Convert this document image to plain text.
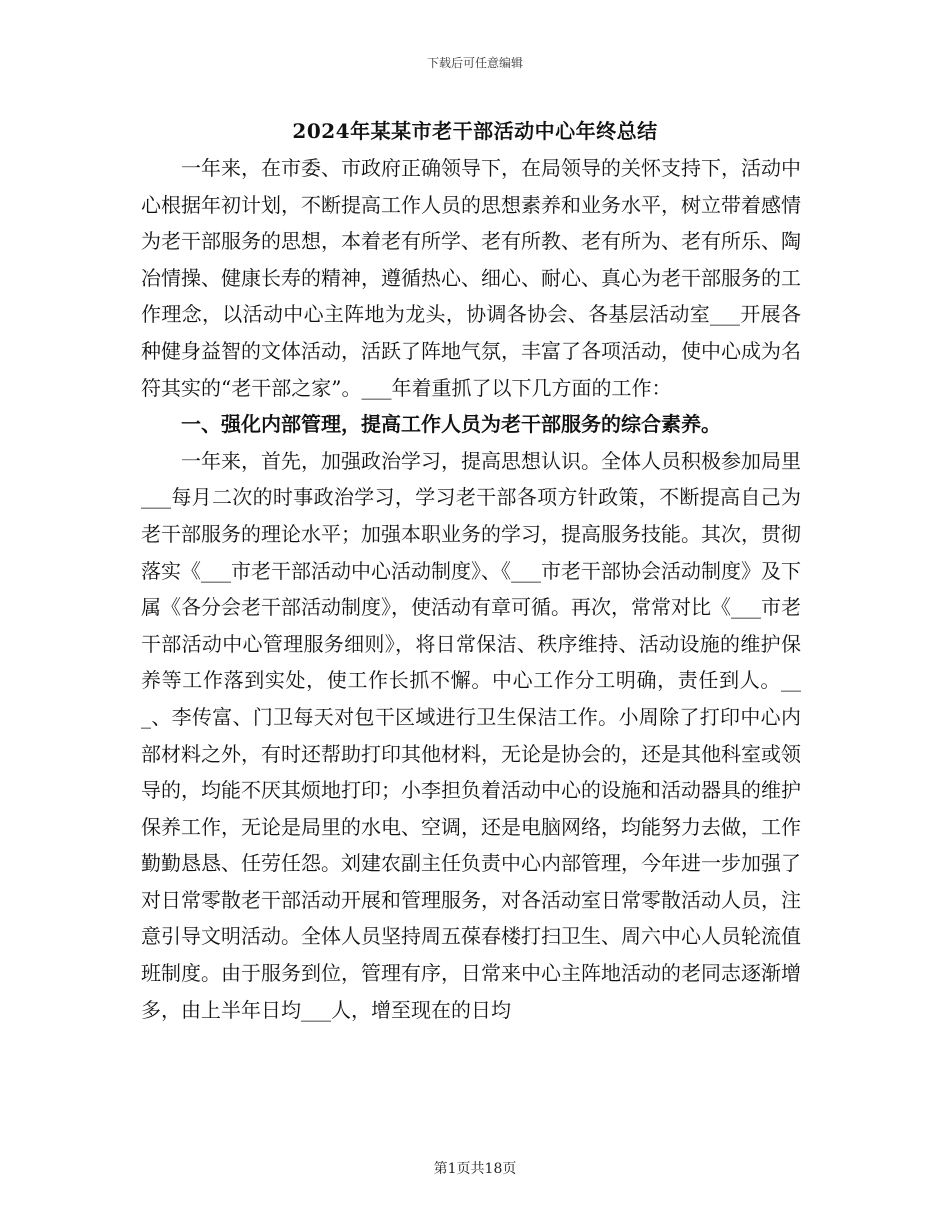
下载后可任意编辑
2024年某某市老干部活动中心年终总结

一年来，在市委、市政府正确领导下，在局领导的关怀支持下，活动中心根据年初计划，不断提高工作人员的思想素养和业务水平，树立带着感情为老干部服务的思想，本着老有所学、老有所教、老有所为、老有所乐、陶冶情操、健康长寿的精神，遵循热心、细心、耐心、真心为老干部服务的工作理念，以活动中心主阵地为龙头，协调各协会、各基层活动室___开展各种健身益智的文体活动，活跃了阵地气氛，丰富了各项活动，使中心成为名符其实的“老干部之家”。___年着重抓了以下几方面的工作：

一、强化内部管理，提高工作人员为老干部服务的综合素养。

一年来，首先，加强政治学习，提高思想认识。全体人员积极参加局里___每月二次的时事政治学习，学习老干部各项方针政策，不断提高自己为老干部服务的理论水平；加强本职业务的学习，提高服务技能。其次，贯彻落实《___市老干部活动中心活动制度》、《___市老干部协会活动制度》及下属《各分会老干部活动制度》，使活动有章可循。再次，常常对比《___市老干部活动中心管理服务细则》，将日常保洁、秩序维持、活动设施的维护保养等工作落到实处，使工作长抓不懈。中心工作分工明确，责任到人。___、李传富、门卫每天对包干区域进行卫生保洁工作。小周除了打印中心内部材料之外，有时还帮助打印其他材料，无论是协会的，还是其他科室或领导的，均能不厌其烦地打印；小李担负着活动中心的设施和活动器具的维护保养工作，无论是局里的水电、空调，还是电脑网络，均能努力去做，工作勤勤恳恳、任劳任怨。刘建农副主任负责中心内部管理，今年进一步加强了对日常零散老干部活动开展和管理服务，对各活动室日常零散活动人员，注意引导文明活动。全体人员坚持周五葆春楼打扫卫生、周六中心人员轮流值班制度。由于服务到位，管理有序，日常来中心主阵地活动的老同志逐渐增多，由上半年日均___人，增至现在的日均

第1页共18页
